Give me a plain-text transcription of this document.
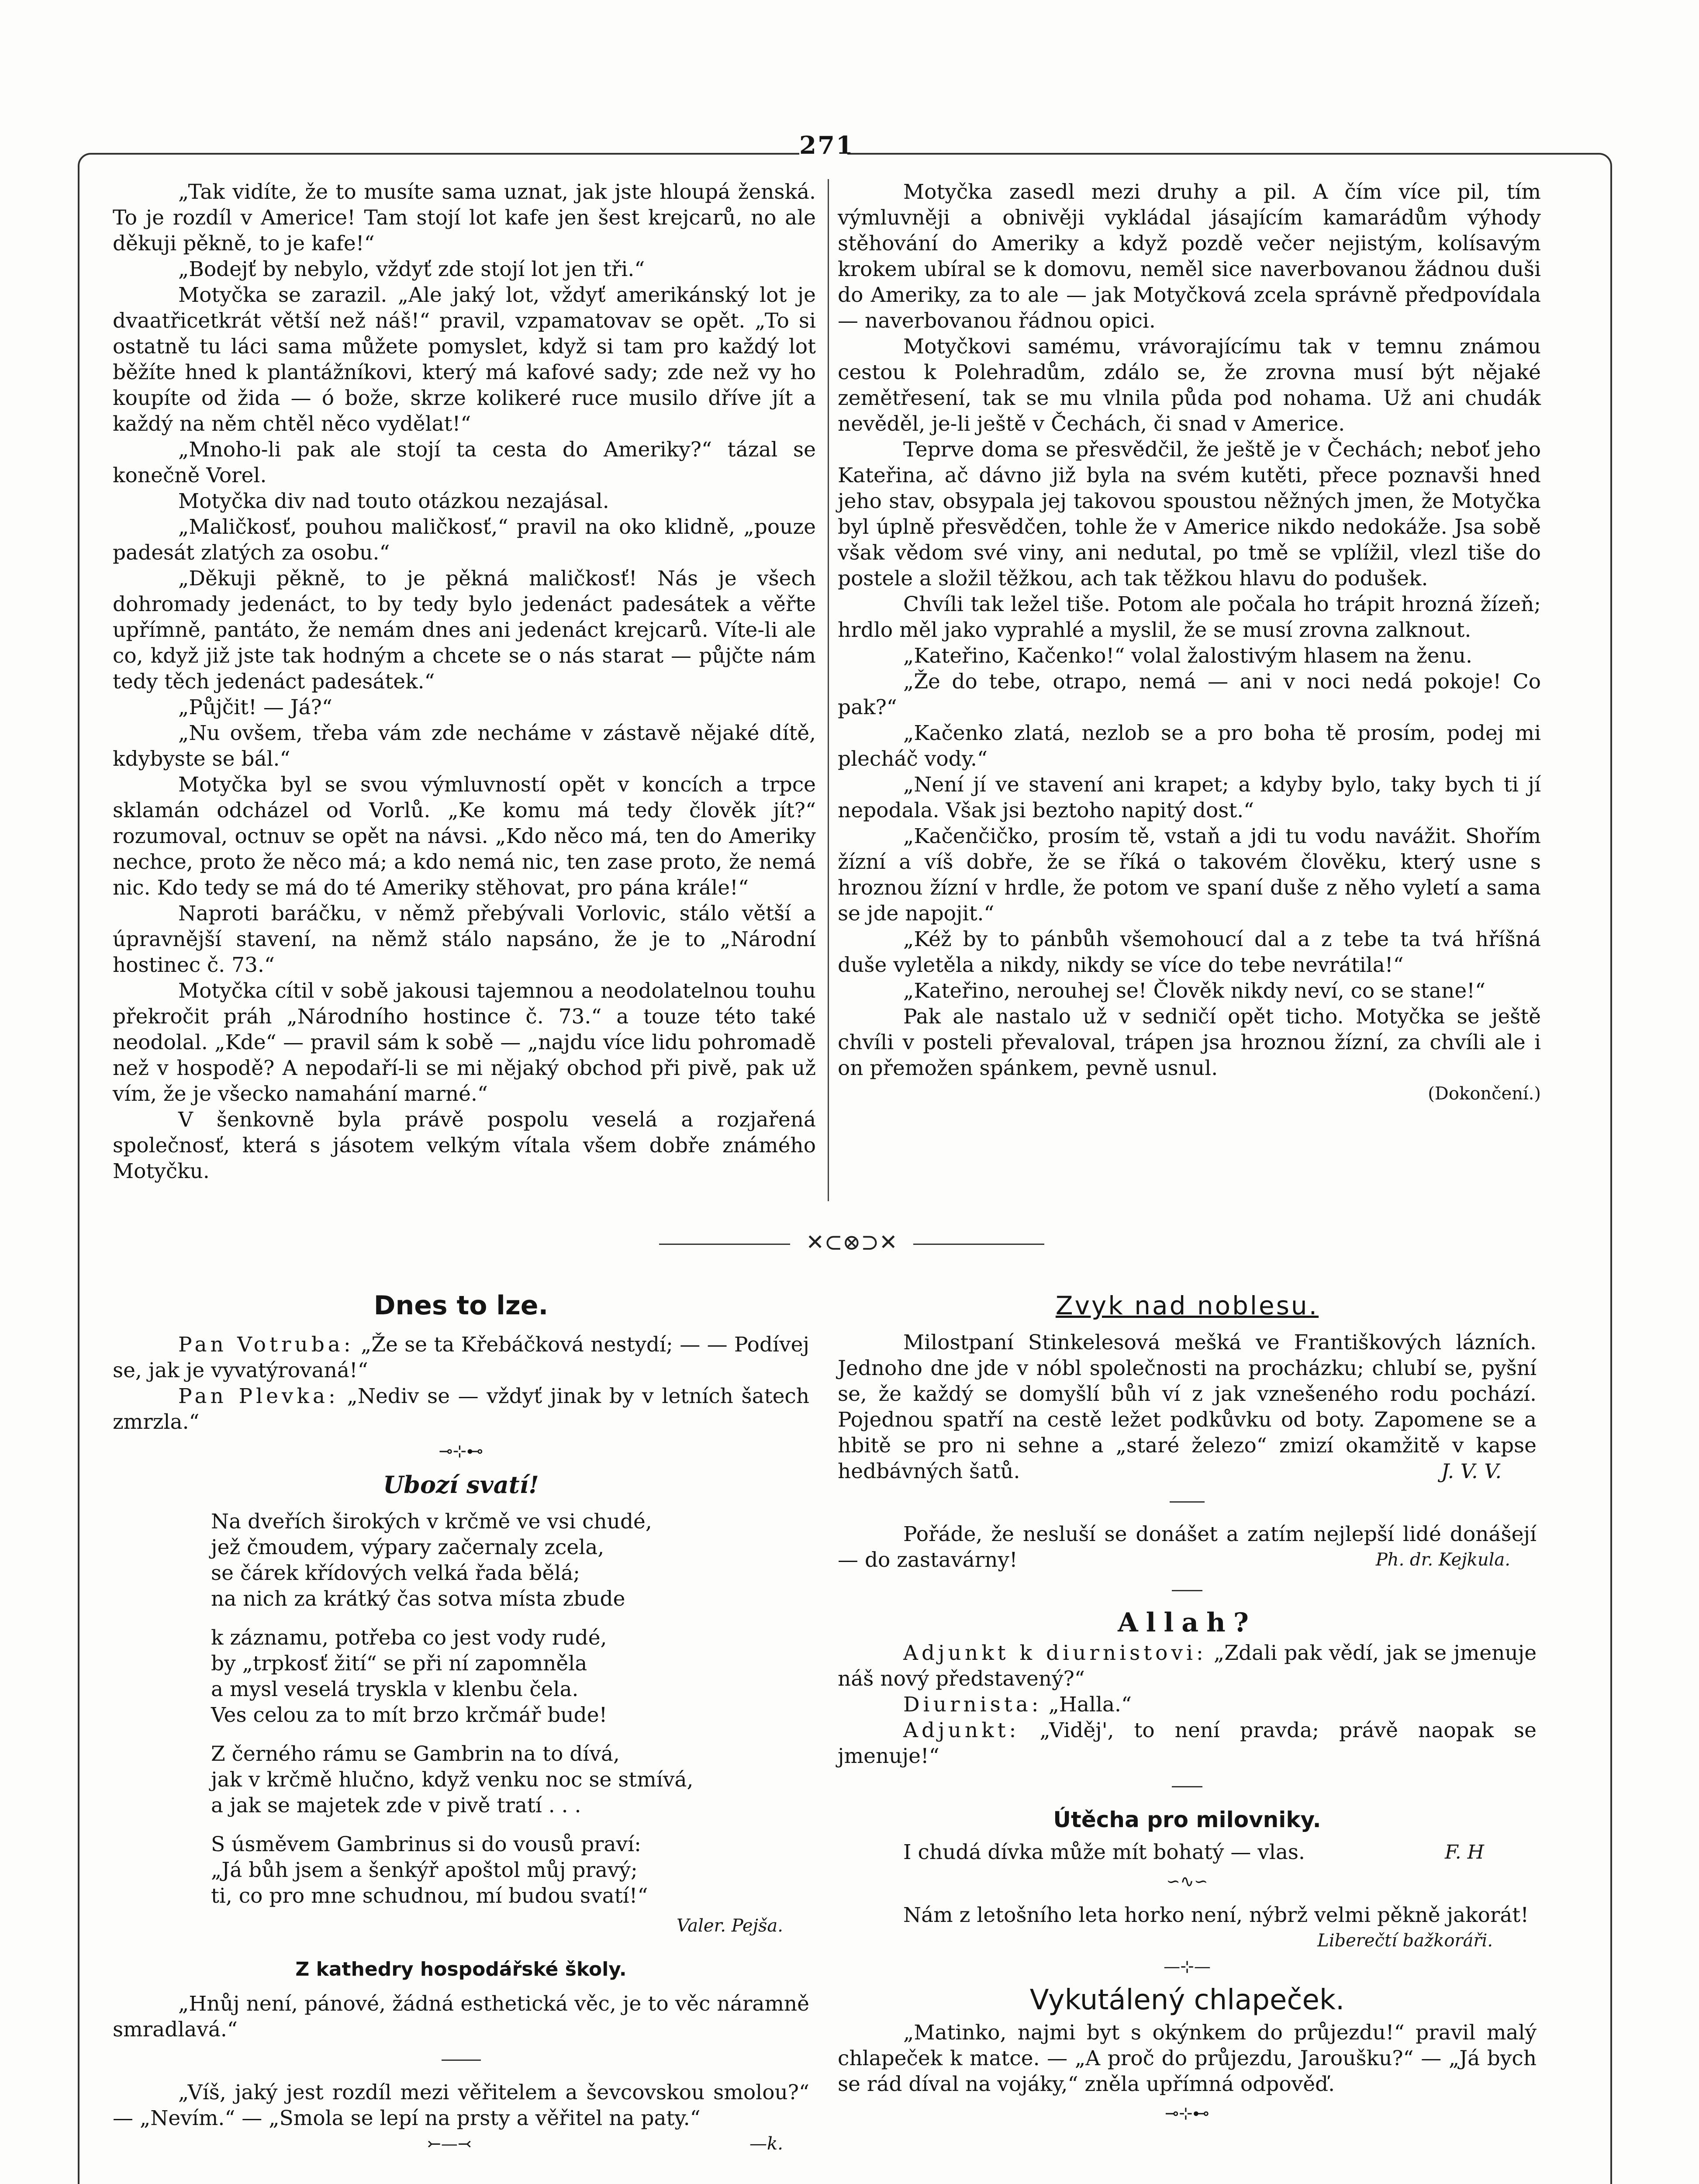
271

„Tak vidíte, že to musíte sama uznat, jak jste hloupá ženská. To je rozdíl v Americe! Tam stojí lot kafe jen šest krejcarů, no ale děkuji pěkně, to je kafe!“

„Bodejť by nebylo, vždyť zde stojí lot jen tři.“

Motyčka se zarazil. „Ale jaký lot, vždyť amerikánský lot je dvaatřicetkrát větší než náš!“ pravil, vzpamatovav se opět. „To si ostatně tu láci sama můžete pomyslet, když si tam pro každý lot běžíte hned k plantážníkovi, který má kafové sady; zde než vy ho koupíte od žida — ó bože, skrze kolikeré ruce musilo dříve jít a každý na něm chtěl něco vydělat!“

„Mnoho-li pak ale stojí ta cesta do Ameriky?“ tázal se konečně Vorel.

Motyčka div nad touto otázkou nezajásal.

„Maličkosť, pouhou maličkosť,“ pravil na oko klidně, „pouze padesát zlatých za osobu.“

„Děkuji pěkně, to je pěkná maličkosť! Nás je všech dohromady jedenáct, to by tedy bylo jedenáct padesátek a věřte upřímně, pantáto, že nemám dnes ani jedenáct krejcarů. Víte-li ale co, když již jste tak hodným a chcete se o nás starat — půjčte nám tedy těch jedenáct padesátek.“

„Půjčit! — Já?“

„Nu ovšem, třeba vám zde necháme v zástavě nějaké dítě, kdybyste se bál.“

Motyčka byl se svou výmluvností opět v koncích a trpce sklamán odcházel od Vorlů. „Ke komu má tedy člověk jít?“ rozumoval, octnuv se opět na návsi. „Kdo něco má, ten do Ameriky nechce, proto že něco má; a kdo nemá nic, ten zase proto, že nemá nic. Kdo tedy se má do té Ameriky stěhovat, pro pána krále!“

Naproti baráčku, v němž přebývali Vorlovic, stálo větší a úpravnější stavení, na němž stálo napsáno, že je to „Národní hostinec č. 73.“

Motyčka cítil v sobě jakousi tajemnou a neodolatelnou touhu překročit práh „Národního hostince č. 73.“ a touze této také neodolal. „Kde“ — pravil sám k sobě — „najdu více lidu pohromadě než v hospodě? A nepodaří-li se mi nějaký obchod při pivě, pak už vím, že je všecko namahání marné.“

V šenkovně byla právě pospolu veselá a rozjařená společnosť, která s jásotem velkým vítala všem dobře známého Motyčku.

Motyčka zasedl mezi druhy a pil. A čím více pil, tím výmluvněji a obnivěji vykládal jásajícím kamarádům výhody stěhování do Ameriky a když pozdě večer nejistým, kolísavým krokem ubíral se k domovu, neměl sice naverbovanou žádnou duši do Ameriky, za to ale — jak Motyčková zcela správně předpovídala — naverbovanou řádnou opici.

Motyčkovi samému, vrávorajícímu tak v temnu známou cestou k Polehradům, zdálo se, že zrovna musí být nějaké zemětřesení, tak se mu vlnila půda pod nohama. Už ani chudák nevěděl, je-li ještě v Čechách, či snad v Americe.

Teprve doma se přesvědčil, že ještě je v Čechách; neboť jeho Kateřina, ač dávno již byla na svém kutěti, přece poznavši hned jeho stav, obsypala jej takovou spoustou něžných jmen, že Motyčka byl úplně přesvědčen, tohle že v Americe nikdo nedokáže. Jsa sobě však vědom své viny, ani nedutal, po tmě se vplížil, vlezl tiše do postele a složil těžkou, ach tak těžkou hlavu do podušek.

Chvíli tak ležel tiše. Potom ale počala ho trápit hrozná žízeň; hrdlo měl jako vyprahlé a myslil, že se musí zrovna zalknout.

„Kateřino, Kačenko!“ volal žalostivým hlasem na ženu.

„Že do tebe, otrapo, nemá — ani v noci nedá pokoje! Co pak?“

„Kačenko zlatá, nezlob se a pro boha tě prosím, podej mi plecháč vody.“

„Není jí ve stavení ani krapet; a kdyby bylo, taky bych ti jí nepodala. Však jsi beztoho napitý dost.“

„Kačenčičko, prosím tě, vstaň a jdi tu vodu navážit. Shořím žízní a víš dobře, že se říká o takovém člověku, který usne s hroznou žízní v hrdle, že potom ve spaní duše z něho vyletí a sama se jde napojit.“

„Kéž by to pánbůh všemohoucí dal a z tebe ta tvá hříšná duše vyletěla a nikdy, nikdy se více do tebe nevrátila!“

„Kateřino, nerouhej se! Člověk nikdy neví, co se stane!“

Pak ale nastalo už v sedničí opět ticho. Motyčka se ještě chvíli v posteli převaloval, trápen jsa hroznou žízní, za chvíli ale i on přemožen spánkem, pevně usnul.

(Dokončení.)
✕⊂⊗⊃✕
Dnes to lze.

Pan Votruba: „Že se ta Křebáčková nestydí; — — Podívej se, jak je vyvatýrovaná!“

Pan Plevka: „Nediv se — vždyť jinak by v letních šatech zmrzla.“

⊸⊹⊷
Ubozí svatí!
Na dveřích širokých v krčmě ve vsi chudé,
jež čmoudem, výpary začernaly zcela,
se čárek křídových velká řada bělá;
na nich za krátký čas sotva místa zbude
k záznamu, potřeba co jest vody rudé,
by „trpkosť žití“ se při ní zapomněla
a mysl veselá tryskla v klenbu čela.
Ves celou za to mít brzo krčmář bude!
Z černého rámu se Gambrin na to dívá,
jak v krčmě hlučno, když venku noc se stmívá,
a jak se majetek zde v pivě tratí . . .
S úsměvem Gambrinus si do vousů praví:
„Já bůh jsem a šenkýř apoštol můj pravý;
ti, co pro mne schudnou, mí budou svatí!“
Valer. Pejša.
Z kathedry hospodářské školy.

„Hnůj není, pánové, žádná esthetická věc, je to věc náramně smradlavá.“

„Víš, jaký jest rozdíl mezi věřitelem a ševcovskou smolou?“ — „Nevím.“ — „Smola se lepí na prsty a věřitel na paty.“

⤚—⤙	—k.
Zvyk nad noblesu.

Milostpaní Stinkelesová mešká ve Františkových lázních. Jednoho dne jde v nóbl společnosti na procházku; chlubí se, pyšní se, že každý se domyšlí bůh ví z jak vznešeného rodu pochází. Pojednou spatří na cestě ležet podkůvku od boty. Zapomene se a hbitě se pro ni sehne a „staré železo“ zmizí okamžitě v kapse hedbávných šatů.	J. V. V.

Pořáde, že nesluší se donášet a zatím nejlepší lidé donášejí — do zastavárny!	Ph. dr. Kejkula.

Allah?

Adjunkt k diurnistovi: „Zdali pak vědí, jak se jmenuje náš nový představený?“

Diurnista: „Halla.“

Adjunkt: „Viděj', to není pravda; právě naopak se jmenuje!“

Útěcha pro milovniky.

I chudá dívka může mít bohatý — vlas.	F. H

∽∿∽

Nám z letošního leta horko není, nýbrž velmi pěkně jakorát!
Liberečtí bažkoráři.

—⊹—
Vykutálený chlapeček.

„Matinko, najmi byt s okýnkem do průjezdu!“ pravil malý chlapeček k matce. — „A proč do průjezdu, Jaroušku?“ — „Já bych se rád díval na vojáky,“ zněla upřímná odpověď.

⊸⊹⊷
